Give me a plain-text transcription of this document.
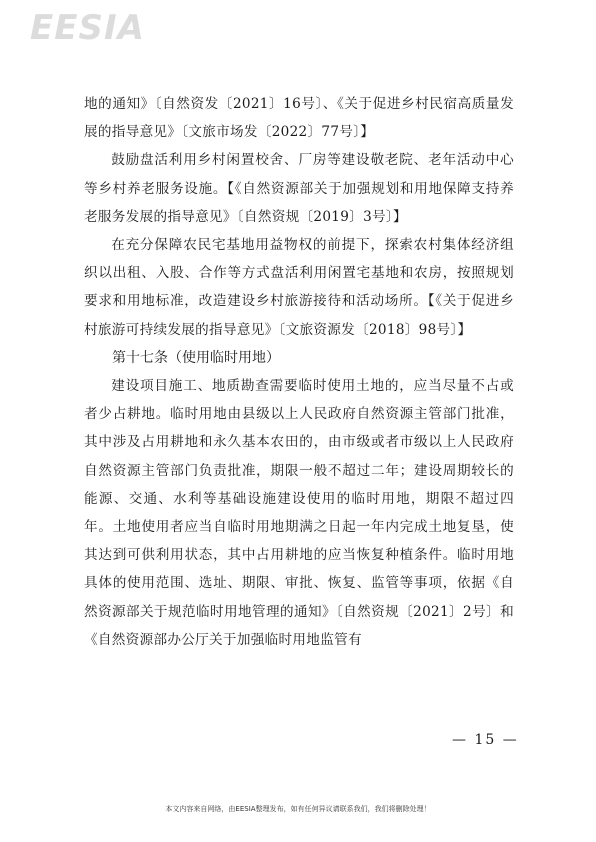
EESIA

地的通知》〔自然资发〔2021〕16号〕、《关于促进乡村民宿高质量发展的指导意见》〔文旅市场发〔2022〕77号〕】

鼓励盘活利用乡村闲置校舍、厂房等建设敬老院、老年活动中心等乡村养老服务设施。【《自然资源部关于加强规划和用地保障支持养老服务发展的指导意见》〔自然资规〔2019〕3号〕】

在充分保障农民宅基地用益物权的前提下，探索农村集体经济组织以出租、入股、合作等方式盘活利用闲置宅基地和农房，按照规划要求和用地标准，改造建设乡村旅游接待和活动场所。【《关于促进乡村旅游可持续发展的指导意见》〔文旅资源发〔2018〕98号〕】

第十七条（使用临时用地）

建设项目施工、地质勘查需要临时使用土地的，应当尽量不占或者少占耕地。临时用地由县级以上人民政府自然资源主管部门批准，其中涉及占用耕地和永久基本农田的，由市级或者市级以上人民政府自然资源主管部门负责批准，期限一般不超过二年；建设周期较长的能源、交通、水利等基础设施建设使用的临时用地，期限不超过四年。土地使用者应当自临时用地期满之日起一年内完成土地复垦，使其达到可供利用状态，其中占用耕地的应当恢复种植条件。临时用地具体的使用范围、选址、期限、审批、恢复、监管等事项，依据《自然资源部关于规范临时用地管理的通知》〔自然资规〔2021〕2号〕和《自然资源部办公厅关于加强临时用地监管有

— 15 —
本文内容来自网络，由EESIA整理发布，如有任何异议请联系我们，我们将删除处理！
